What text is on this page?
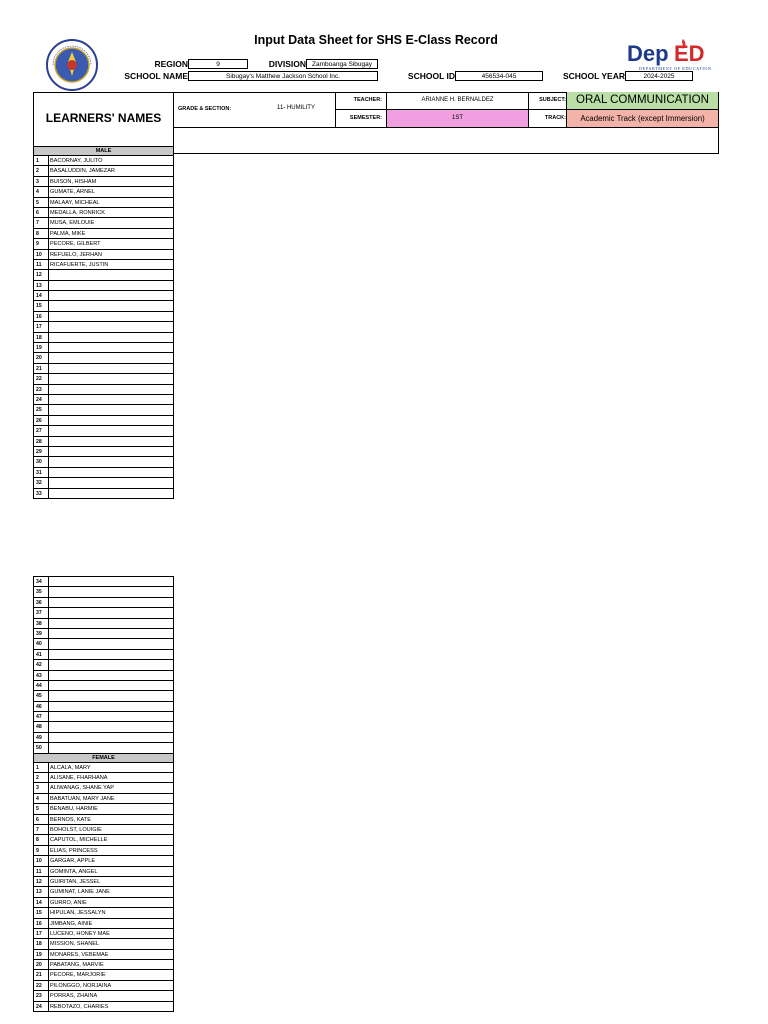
Input Data Sheet for SHS E-Class Record
Dep ED
DEPARTMENT OF EDUCATION
REGION	9	DIVISION Zamboanga Sibugay
SCHOOL NAME	Sibugay's Matthew Jackson School Inc.	SCHOOL ID	456534-045	SCHOOL YEAR	2024-2025
LEARNERS' NAMES
GRADE & SECTION:	11- HUMILITY
TEACHER:	ARIANNE H. BERNALDEZ
SEMESTER:	1ST
SUBJECT: ORAL COMMUNICATION
TRACK:	Academic Track (except Immersion)
MALE
1	BACORNAY, JULITO
2	BASALUDDIN, JAMEZAR
3	BUISON, HISHAM
4	GUMATE, ARNEL
5	MALAAY, MICHEAL
6	MEDALLA, RONRICK
7	MUSA, EMLOUIE
8	PALMA, MIKE
9	PECORE, GILBERT
10	REFUELO, JERHAN
11	RICAFUERTE, JUSTIN
12
13
14
15
16
17
18
19
20
21
22
23
24
25
26
27
28
29
30
31
32
33
34
35
36
37
38
39
40
41
42
43
44
45
46
47
48
49
50
FEMALE
1	ALCALA, MARY
2	ALISANE, FHARHANA
3	ALIWANAG, SHANE YAP
4	BABATUAN, MARY JANE
5	BENABU, HARMIE
6	BERNOS, KATE
7	BOHOLST, LOUIGIE
8	CAPUTOL, MICHELLE
9	ELIAS, PRINCESS
10	GARGAR, APPLE
11	GOMINTA, ANGEL
12	GUIRITAN, JESSEL
13	GUMINAT, LANIE JANE
14	GURRO, ANIE
15	HIPULAN, JESSALYN
16	JIMBANG, AINIE
17	LUCENO, HONEY MAE
18	MISSION, SHANEL
19	MONARES, VEBEMAE
20	PABATANG, MARVIE
21	PECORE, MARJORIE
22	PILONGGO, NORJAINA
23	PORRAS, ZHAINA
24	REBOTAZO, CHARIES
